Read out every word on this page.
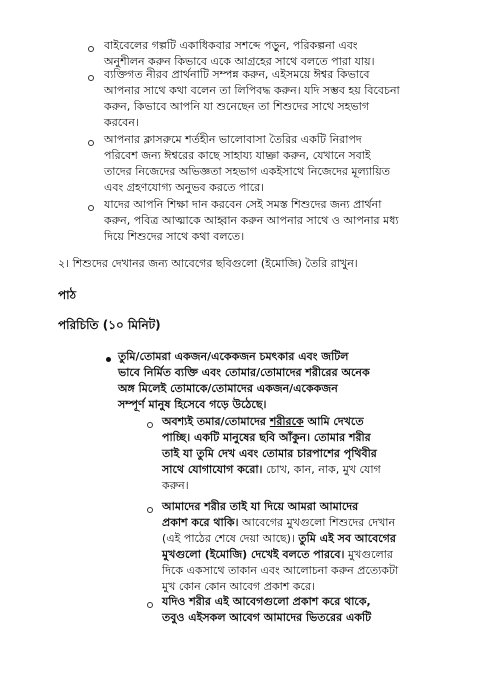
বাইবেলের গল্পটি একাধিকবার সশব্দে পড়ুন, পরিকল্পনা এবং
অনুশীলন করুন কিভাবে একে আগ্রহের সাথে বলতে পারা যায়।
ব্যক্তিগত নীরব প্রার্থনাটি সম্পন্ন করুন, এইসময়ে ঈশ্বর কিভাবে
আপনার সাথে কথা বলেন তা লিপিবদ্ধ করুন। যদি সম্ভব হয় বিবেচনা
করুন, কিভাবে আপনি যা শুনেছেন তা শিশুদের সাথে সহভাগ
করবেন।
আপনার ক্লাসরুমে শর্তহীন ভালোবাসা তৈরির একটি নিরাপদ
পরিবেশ জন্য ঈশ্বরের কাছে সাহায্য যাচ্ঞা করুন, যেখানে সবাই
তাদের নিজেদের অভিজ্ঞতা সহভাগ একইসাথে নিজেদের মূল্যায়িত
এবং গ্রহণযোগ্য অনুভব করতে পারে।
যাদের আপনি শিক্ষা দান করবেন সেই সমস্ত শিশুদের জন্য প্রার্থনা
করুন, পবিত্র আত্মাকে আহ্বান করুন আপনার সাথে ও আপনার মধ্য
দিয়ে শিশুদের সাথে কথা বলতে।
২। শিশুদের দেখানর জন্য আবেগের ছবিগুলো (ইমোজি) তৈরি রাখুন।
পাঠ
পরিচিতি (১০ মিনিট)
তুমি/তোমরা একজন/একেকজন চমৎকার এবং জটিল
ভাবে নির্মিত ব্যক্তি এবং তোমার/তোমাদের শরীরের অনেক
অঙ্গ মিলেই তোমাকে/তোমাদের একজন/একেকজন
সম্পূর্ণ মানুষ হিসেবে গড়ে উঠেছে।
অবশ্যই তমার/তোমাদের শরীরকে আমি দেখতে
পাচ্ছি। একটি মানুষের ছবি আঁকুন। তোমার শরীর
তাই যা তুমি দেখ এবং তোমার চারপাশের পৃথিবীর
সাথে যোগাযোগ করো। চোখ, কান, নাক, মুখ যোগ
করুন।
আমাদের শরীর তাই যা দিয়ে আমরা আমাদের
প্রকাশ করে থাকি। আবেগের মুখগুলো শিশুদের দেখান
(এই পাঠের শেষে দেয়া আছে)। তুমি এই সব আবেগের
মুখগুলো (ইমোজি) দেখেই বলতে পারবে। মুখগুলোর
দিকে একসাথে তাকান এবং আলোচনা করুন প্রত্যেকটা
মুখ কোন কোন আবেগ প্রকাশ করে।
যদিও শরীর এই আবেগগুলো প্রকাশ করে থাকে,
তবুও এইসকল আবেগ আমাদের ভিতরের একটি
